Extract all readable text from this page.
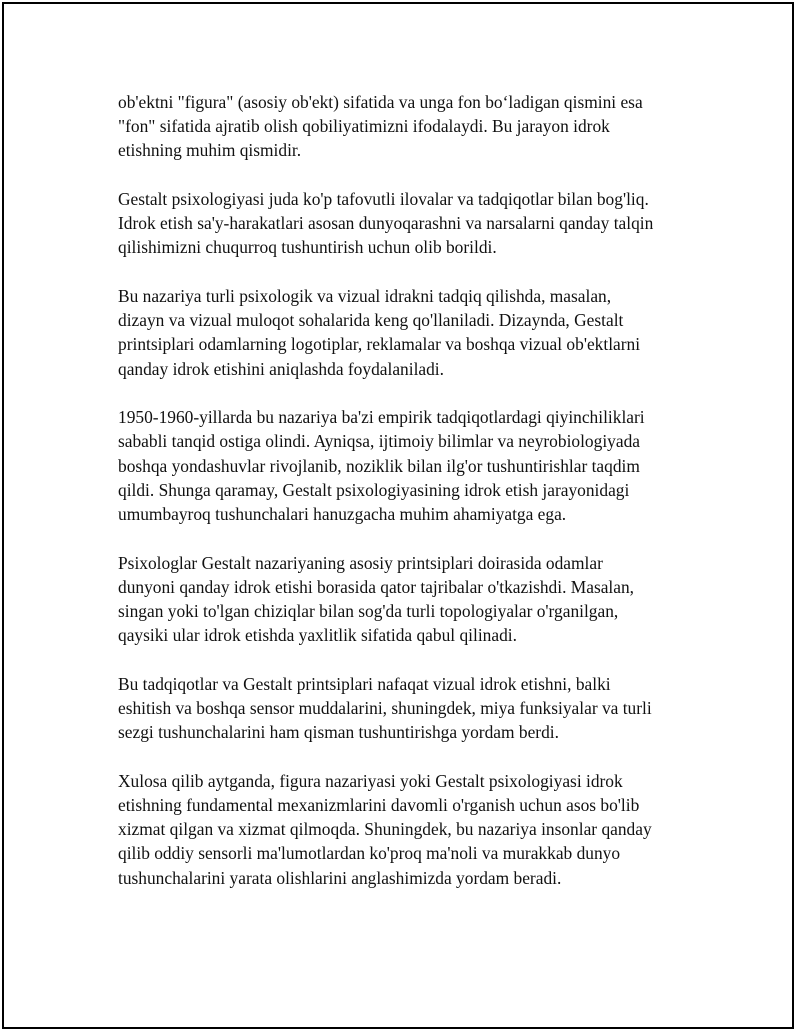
ob'ektni "figura" (asosiy ob'ekt) sifatida va unga fon bo‘ladigan qismini esa
"fon" sifatida ajratib olish qobiliyatimizni ifodalaydi. Bu jarayon idrok
etishning muhim qismidir.

Gestalt psixologiyasi juda ko'p tafovutli ilovalar va tadqiqotlar bilan bog'liq.
Idrok etish sa'y-harakatlari asosan dunyoqarashni va narsalarni qanday talqin
qilishimizni chuqurroq tushuntirish uchun olib borildi.

Bu nazariya turli psixologik va vizual idrakni tadqiq qilishda, masalan,
dizayn va vizual muloqot sohalarida keng qo'llaniladi. Dizaynda, Gestalt
printsiplari odamlarning logotiplar, reklamalar va boshqa vizual ob'ektlarni
qanday idrok etishini aniqlashda foydalaniladi.

1950-1960-yillarda bu nazariya ba'zi empirik tadqiqotlardagi qiyinchiliklari
sababli tanqid ostiga olindi. Ayniqsa, ijtimoiy bilimlar va neyrobiologiyada
boshqa yondashuvlar rivojlanib, noziklik bilan ilg'or tushuntirishlar taqdim
qildi. Shunga qaramay, Gestalt psixologiyasining idrok etish jarayonidagi
umumbayroq tushunchalari hanuzgacha muhim ahamiyatga ega.

Psixologlar Gestalt nazariyaning asosiy printsiplari doirasida odamlar
dunyoni qanday idrok etishi borasida qator tajribalar o'tkazishdi. Masalan,
singan yoki to'lgan chiziqlar bilan sog'da turli topologiyalar o'rganilgan,
qaysiki ular idrok etishda yaxlitlik sifatida qabul qilinadi.

Bu tadqiqotlar va Gestalt printsiplari nafaqat vizual idrok etishni, balki
eshitish va boshqa sensor muddalarini, shuningdek, miya funksiyalar va turli
sezgi tushunchalarini ham qisman tushuntirishga yordam berdi.

Xulosa qilib aytganda, figura nazariyasi yoki Gestalt psixologiyasi idrok
etishning fundamental mexanizmlarini davomli o'rganish uchun asos bo'lib
xizmat qilgan va xizmat qilmoqda. Shuningdek, bu nazariya insonlar qanday
qilib oddiy sensorli ma'lumotlardan ko'proq ma'noli va murakkab dunyo
tushunchalarini yarata olishlarini anglashimizda yordam beradi.
